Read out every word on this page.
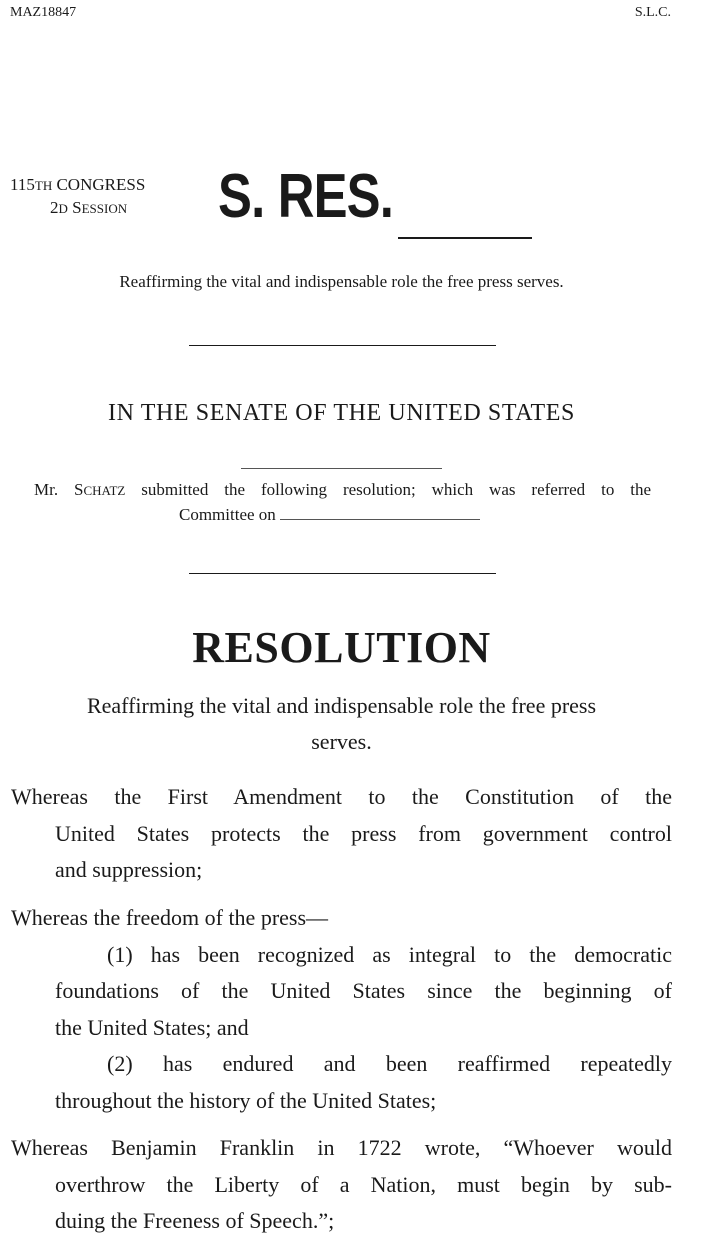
MAZ18847	S.L.C.
115TH CONGRESS
2D SESSION S. RES.
Reaffirming the vital and indispensable role the free press serves.
IN THE SENATE OF THE UNITED STATES
Mr. SCHATZ submitted the following resolution; which was referred to the
Committee on
RESOLUTION
Reaffirming the vital and indispensable role the free press
serves.
Whereas the First Amendment to the Constitution of the
United States protects the press from government control
and suppression;
Whereas the freedom of the press—
(1) has been recognized as integral to the democratic
foundations of the United States since the beginning of
the United States; and
(2) has endured and been reaffirmed repeatedly
throughout the history of the United States;
Whereas Benjamin Franklin in 1722 wrote, “Whoever would
overthrow the Liberty of a Nation, must begin by sub-
duing the Freeness of Speech.”;
